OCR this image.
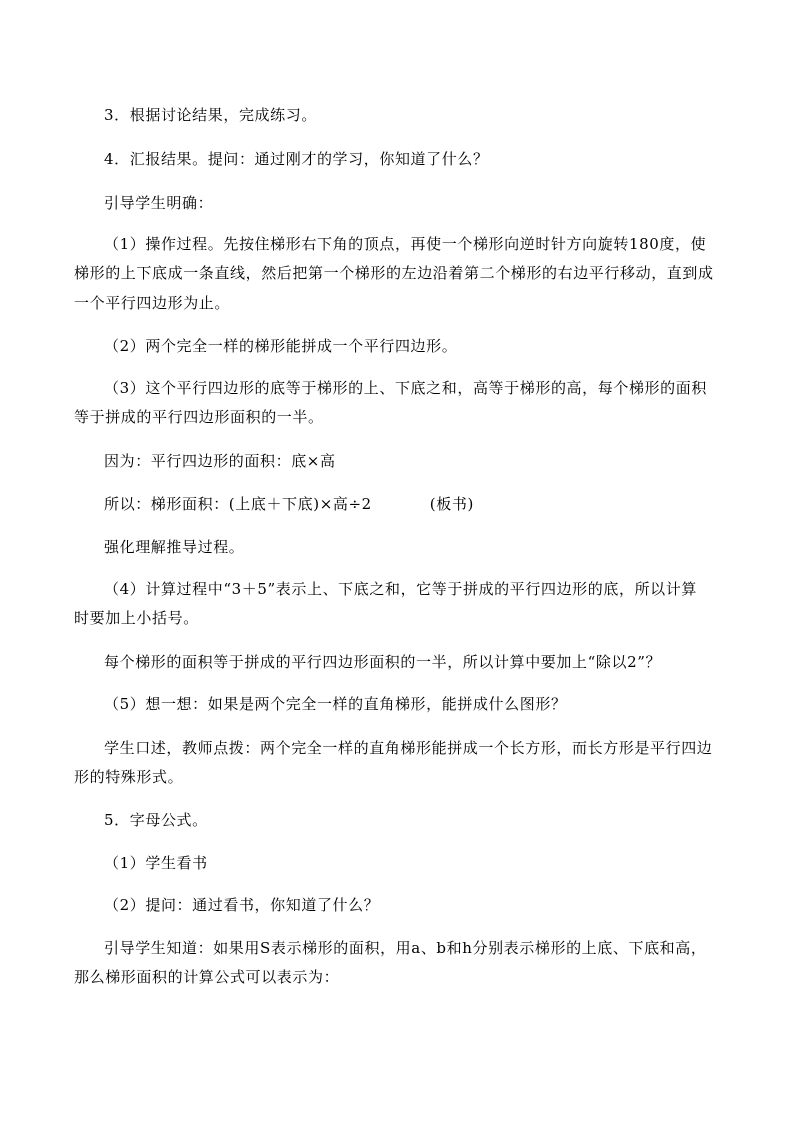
3．根据讨论结果，完成练习。
4．汇报结果。提问：通过刚才的学习，你知道了什么？
引导学生明确：
（1）操作过程。先按住梯形右下角的顶点，再使一个梯形向逆时针方向旋转180度，使
梯形的上下底成一条直线，然后把第一个梯形的左边沿着第二个梯形的右边平行移动，直到成
一个平行四边形为止。
（2）两个完全一样的梯形能拼成一个平行四边形。
（3）这个平行四边形的底等于梯形的上、下底之和，高等于梯形的高，每个梯形的面积
等于拼成的平行四边形面积的一半。
因为：平行四边形的面积：底×高
所以：梯形面积：(上底＋下底)×高÷2	(板书)
强化理解推导过程。
（4）计算过程中“3＋5”表示上、下底之和，它等于拼成的平行四边形的底，所以计算
时要加上小括号。
每个梯形的面积等于拼成的平行四边形面积的一半，所以计算中要加上“除以2”？
（5）想一想：如果是两个完全一样的直角梯形，能拼成什么图形？
学生口述，教师点拨：两个完全一样的直角梯形能拼成一个长方形，而长方形是平行四边
形的特殊形式。
5．字母公式。
（1）学生看书
（2）提问：通过看书，你知道了什么？
引导学生知道：如果用S表示梯形的面积，用a、b和h分别表示梯形的上底、下底和高，
那么梯形面积的计算公式可以表示为：
